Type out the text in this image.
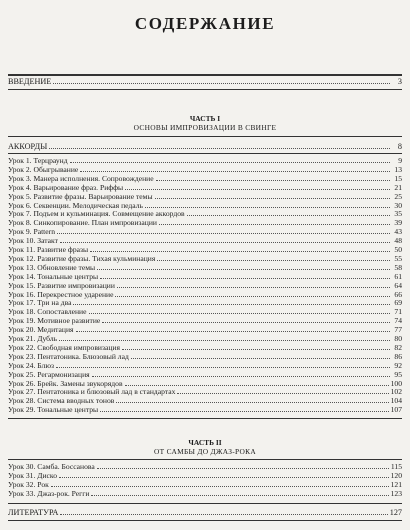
СОДЕРЖАНИЕ
ВВЕДЕНИЕ	3
ЧАСТЬ I
ОСНОВЫ ИМПРОВИЗАЦИИ В СВИНГЕ
АККОРДЫ	8
Урок 1. Терцраунд	9
Урок 2. Обыгрывание	13
Урок 3. Манера исполнения. Сопровождение	15
Урок 4. Варьирование фраз. Риффы	21
Урок 5. Развитие фразы. Варьирование темы	25
Урок 6. Секвенции. Мелодическая педаль	30
Урок 7. Подъем и кульминация. Совмещение аккордов	35
Урок 8. Синкопирование. План импровизации	39
Урок 9. Pattern	43
Урок 10. Затакт	48
Урок 11. Развитие фразы	50
Урок 12. Развитие фразы. Тихая кульминация	55
Урок 13. Обновление темы	58
Урок 14. Тональные центры	61
Урок 15. Развитие импровизации	64
Урок 16. Перекрестное ударение	66
Урок 17. Три на два	69
Урок 18. Сопоставление	71
Урок 19. Мотивное развитие	74
Урок 20. Медитация	77
Урок 21. Дубль	80
Урок 22. Свободная импровизация	82
Урок 23. Пентатоника. Блюзовый лад	86
Урок 24. Блюз	92
Урок 25. Регармонизация	95
Урок 26. Брейк. Замены звукорядов	100
Урок 27. Пентатоника и блюзовый лад в стандартах	102
Урок 28. Система вводных тонов	104
Урок 29. Тональные центры	107
ЧАСТЬ II
ОТ САМБЫ ДО ДЖАЗ-РОКА
Урок 30. Самба. Босcанова	115
Урок 31. Диско	120
Урок 32. Рок	121
Урок 33. Джаз-рок. Регги	123
ЛИТЕРАТУРА	127
